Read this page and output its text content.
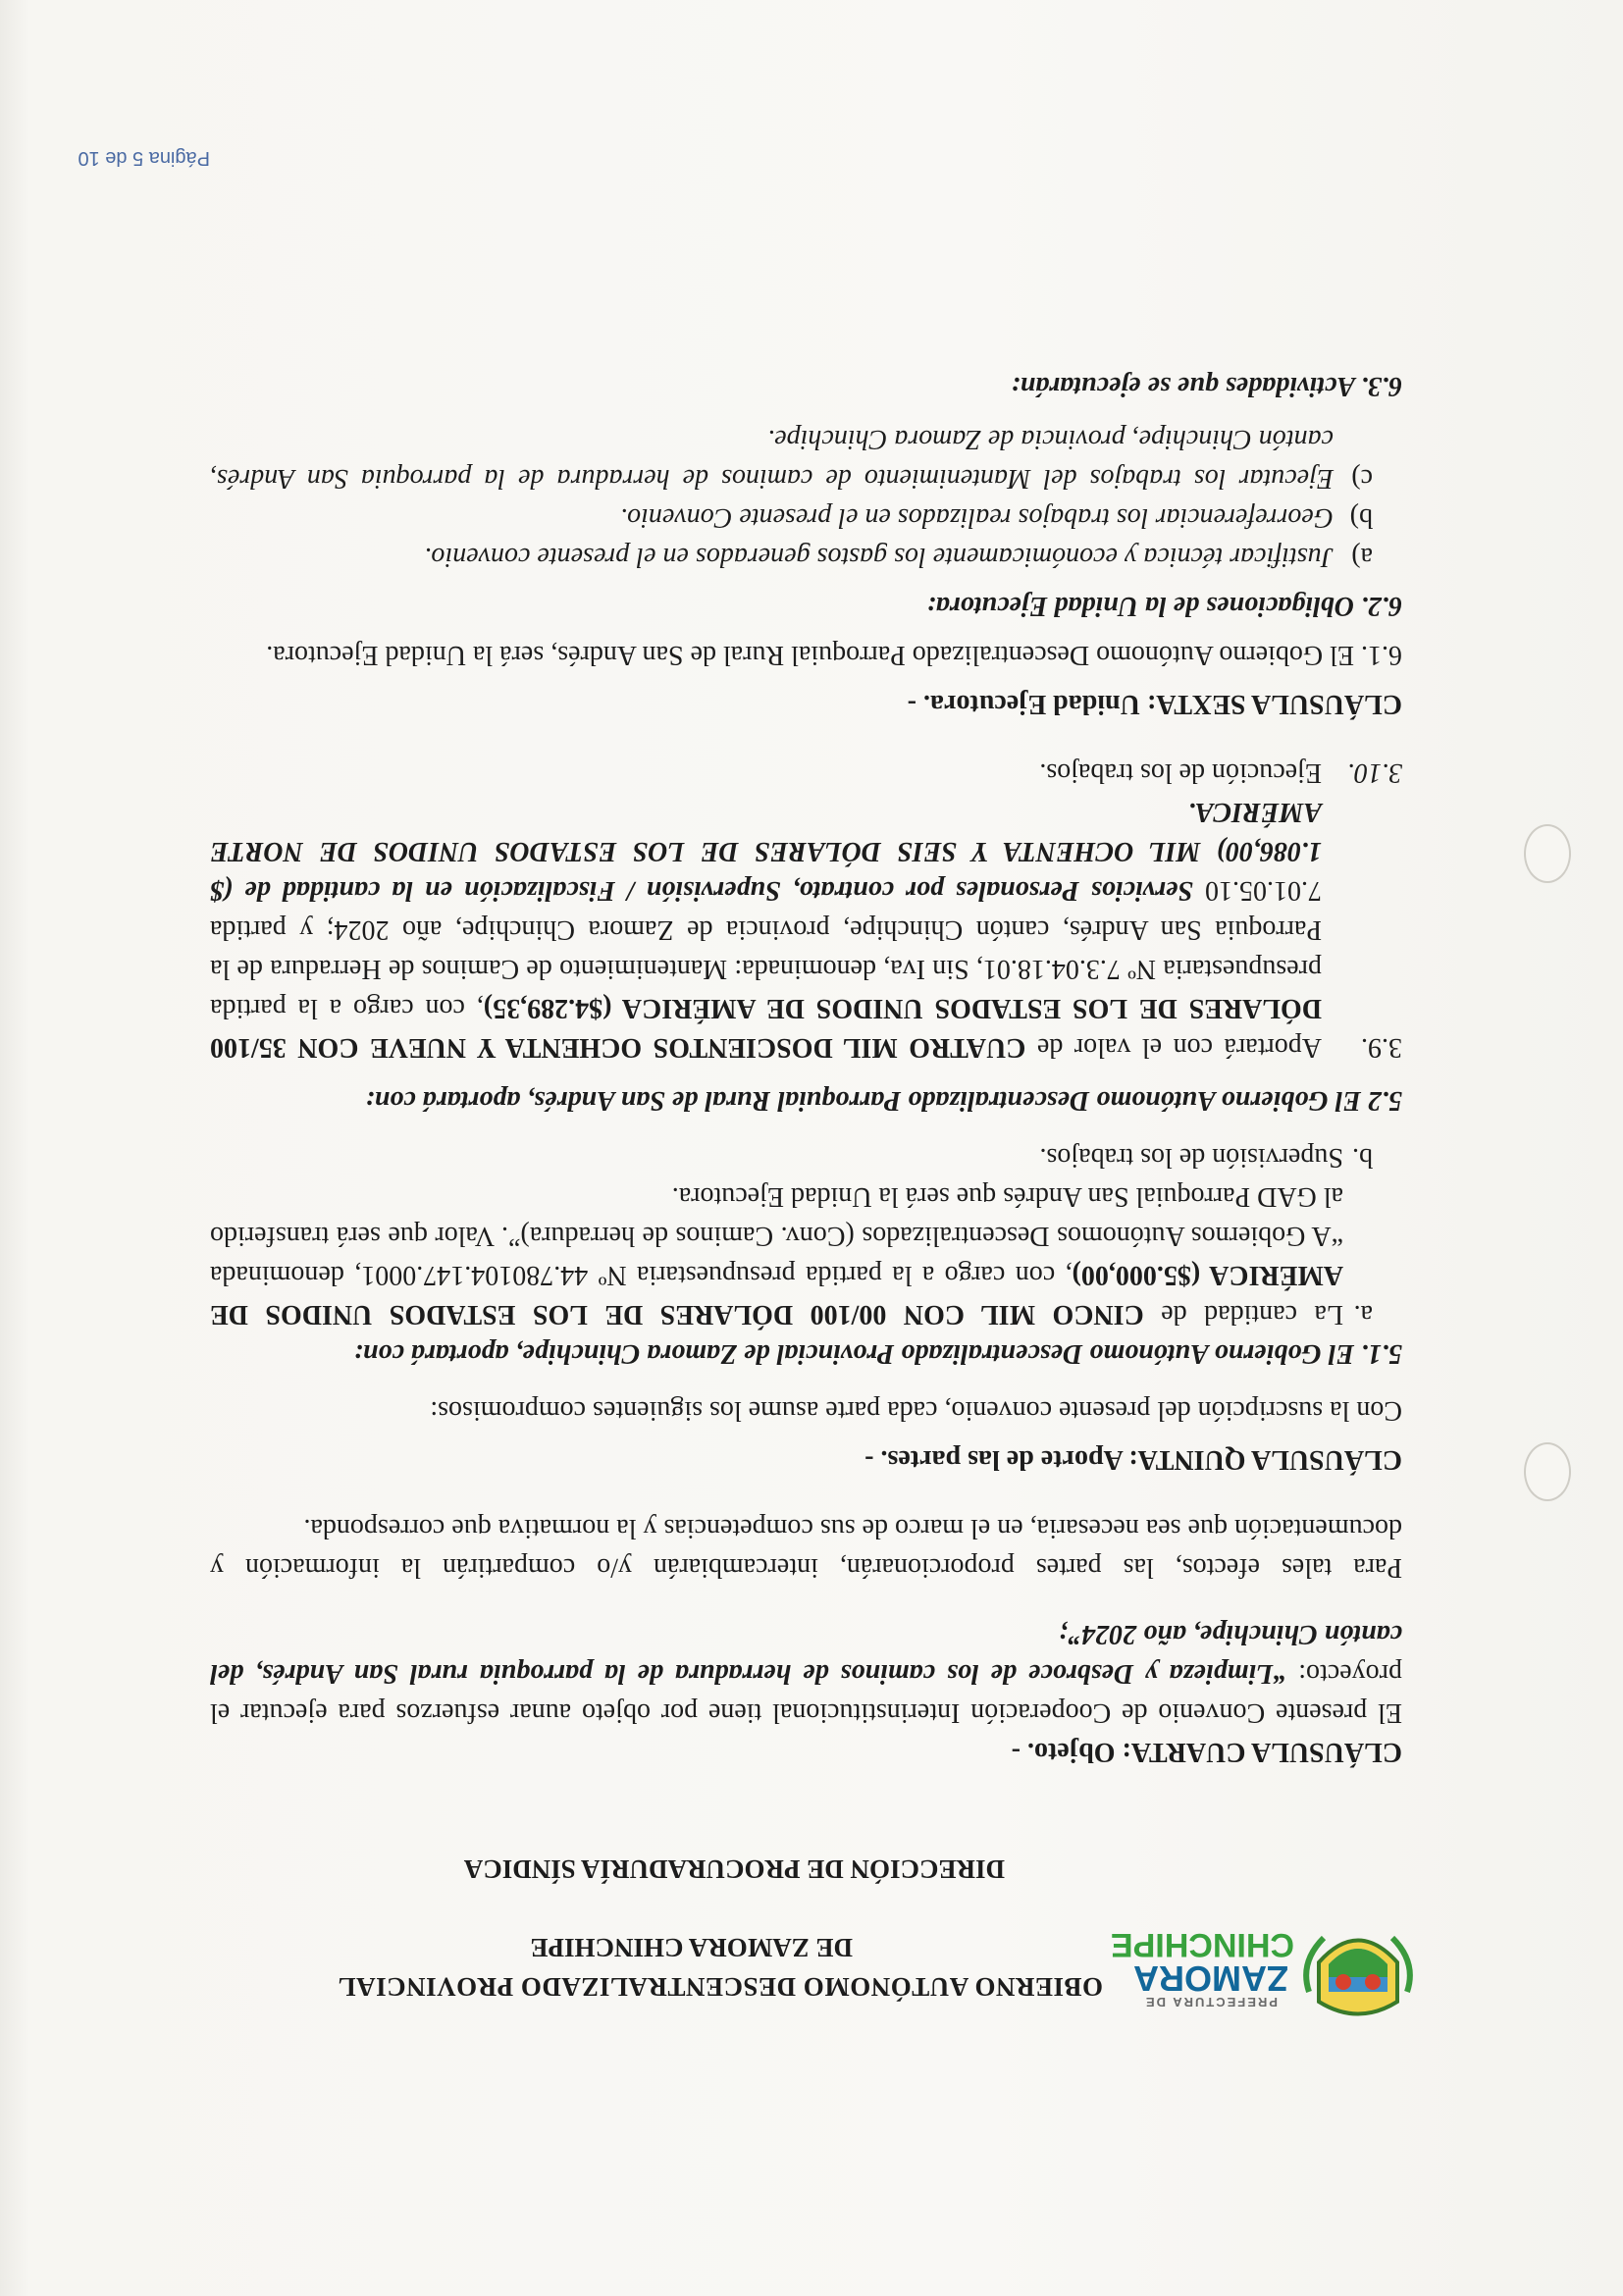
PREFECTURA DE
ZAMORA
CHINCHIPE
OBIERNO AUTÓNOMO DESCENTRALIZADO PROVINCIAL
DE ZAMORA CHINCHIPE
DIRECCIÓN DE PROCURADURÍA SÍNDICA

CLÁUSULA CUARTA: Objeto. -

El presente Convenio de Cooperación Interinstitucional tiene por objeto aunar esfuerzos para ejecutar el proyecto: “Limpieza y Desbroce de los caminos de herradura de la parroquia rural San Andrés, del cantón Chinchipe, año 2024”;

Para tales efectos, las partes proporcionarán, intercambiarán y/o compartirán la información y documentación que sea necesaria, en el marco de sus competencias y la normativa que corresponda.

CLÁUSULA QUINTA: Aporte de las partes. -

Con la suscripción del presente convenio, cada parte asume los siguientes compromisos:

5.1. El Gobierno Autónomo Descentralizado Provincial de Zamora Chinchipe, aportará con:

a.
La cantidad de CINCO MIL CON 00/100 DÓLARES DE LOS ESTADOS UNIDOS DE AMÉRICA ($5.000,00), con cargo a la partida presupuestaria Nº 44.780104.147.0001, denominada “A Gobiernos Autónomos Descentralizados (Conv. Caminos de herradura)”. Valor que será transferido al GAD Parroquial San Andrés que será la Unidad Ejecutora.
b.
Supervisión de los trabajos.

5.2 El Gobierno Autónomo Descentralizado Parroquial Rural de San Andrés, aportará con:

3.9.
Aportará con el valor de CUATRO MIL DOSCIENTOS OCHENTA Y NUEVE CON 35/100 DÓLARES DE LOS ESTADOS UNIDOS DE AMÉRICA ($4.289,35), con cargo a la partida presupuestaria Nº 7.3.04.18.01, Sin Iva, denominada: Mantenimiento de Caminos de Herradura de la Parroquia San Andrés, cantón Chinchipe, provincia de Zamora Chinchipe, año 2024; y partida 7.01.05.10 Servicios Personales por contrato, Supervisión / Fiscalización en la cantidad de ($ 1.086,00) MIL OCHENTA Y SEIS DÓLARES DE LOS ESTADOS UNIDOS DE NORTE AMÉRICA.
3.10.
Ejecución de los trabajos.

CLÁUSULA SEXTA: Unidad Ejecutora. -

6.1. El Gobierno Autónomo Descentralizado Parroquial Rural de San Andrés, será la Unidad Ejecutora.

6.2. Obligaciones de la Unidad Ejecutora:

a)
Justificar técnica y económicamente los gastos generados en el presente convenio.
b)
Georreferenciar los trabajos realizados en el presente Convenio.
c)
Ejecutar los trabajos del Mantenimiento de caminos de herradura de la parroquia San Andrés, cantón Chinchipe, provincia de Zamora Chinchipe.

6.3. Actividades que se ejecutarán:

Página 5 de 10
